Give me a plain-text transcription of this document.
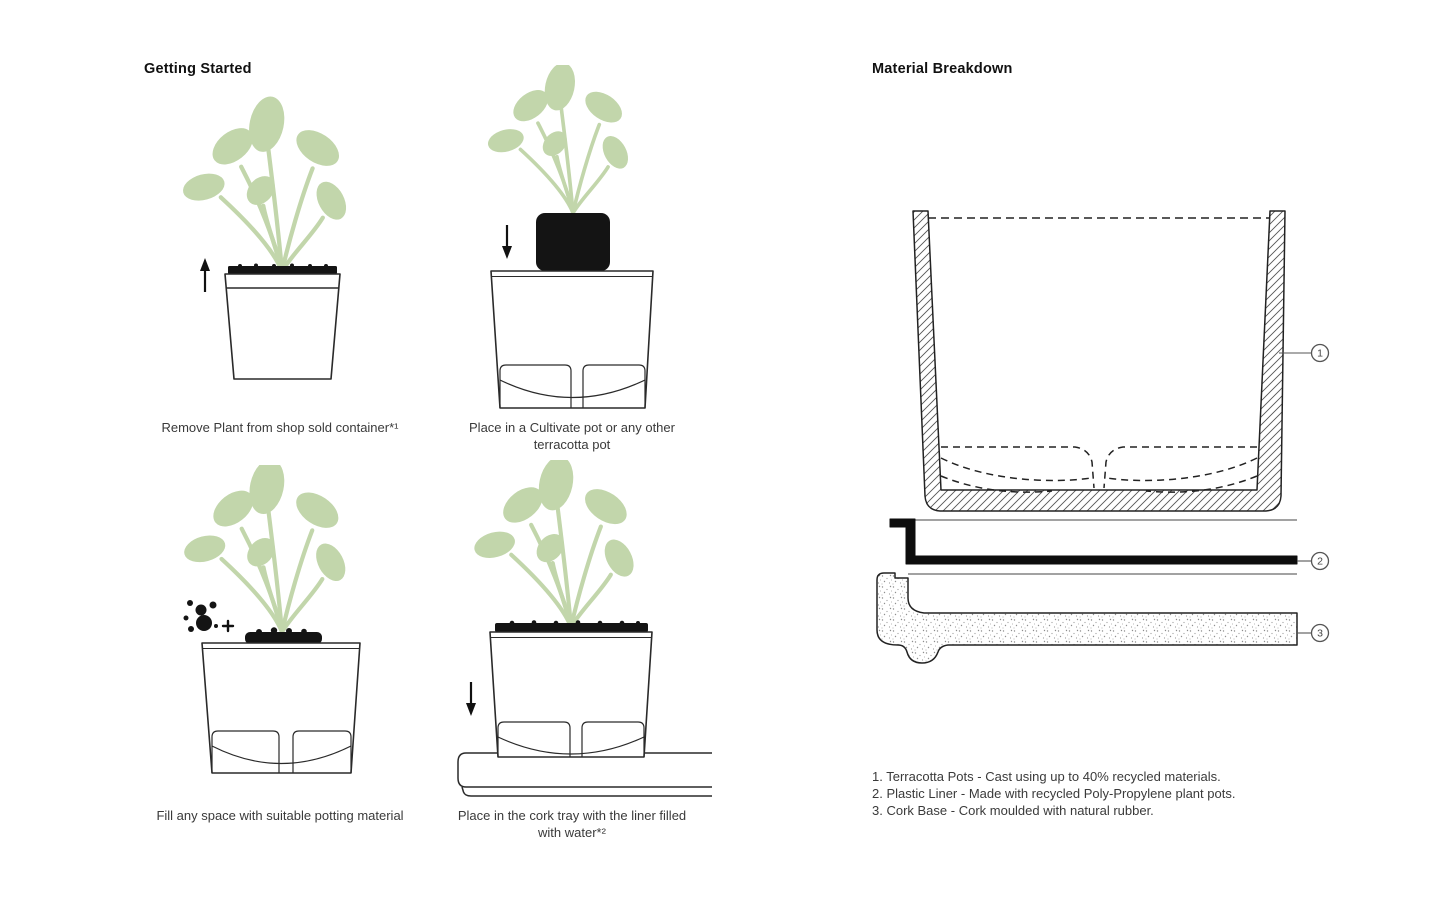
Getting Started	Material Breakdown
Remove Plant from shop sold container*¹	Place in a Cultivate pot or any other terracotta pot
Fill any space with suitable potting material	Place in the cork tray with the liner filled with water*²
1
2
3
1. Terracotta Pots - Cast using up to 40% recycled materials.
2. Plastic Liner - Made with recycled Poly-Propylene plant pots.
3. Cork Base - Cork moulded with natural rubber.
